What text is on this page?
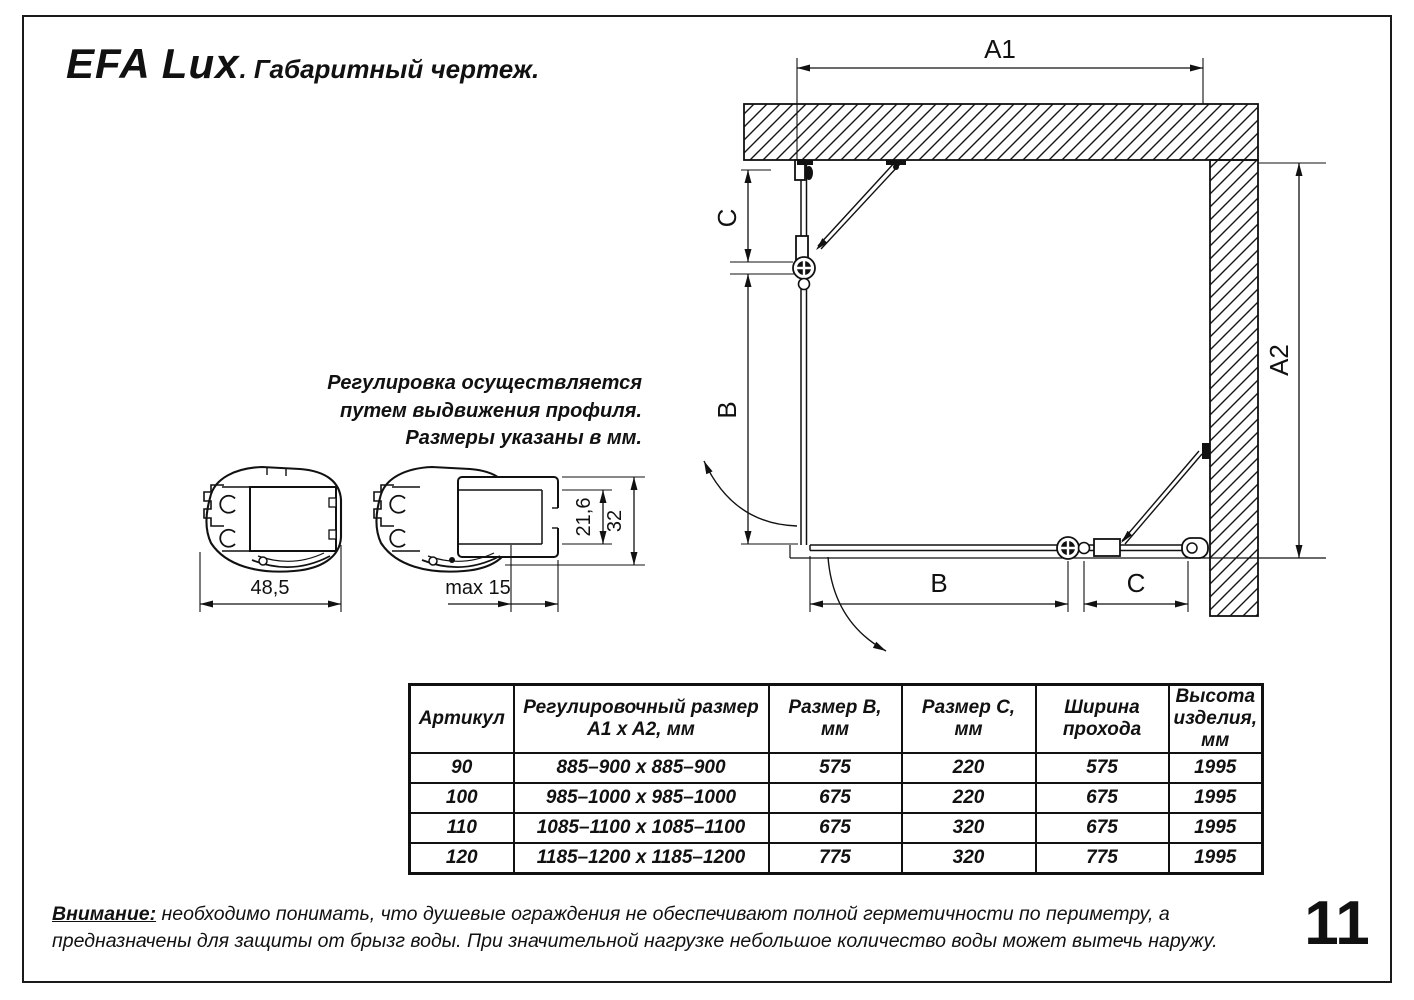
EFA Lux. Габаритный чертеж.
Регулировка осуществляется
путем выдвижения профиля.
Размеры указаны в мм.
A1
A2
C
B
B	C
48,5	max 15
21,6 32
Артикул	Регулировочный размер A1 x A2, мм	Размер B, мм	Размер C, мм	Ширина прохода	Высота изделия, мм
90	885–900 x 885–900	575	220	575	1995
100	985–1000 x 985–1000	675	220	675	1995
110	1085–1100 x 1085–1100	675	320	675	1995
120	1185–1200 x 1185–1200	775	320	775	1995
Внимание: необходимо понимать, что душевые ограждения не обеспечивают полной герметичности по периметру, а предназначены для защиты от брызг воды. При значительной нагрузке небольшое количество воды может вытечь наружу. 11
